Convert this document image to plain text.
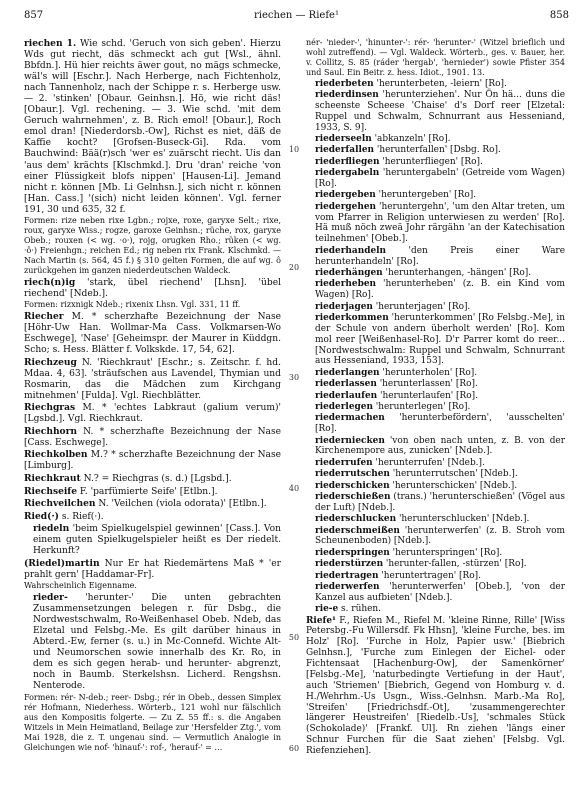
857	riechen — Riefe¹	858
10
20
30
40
50
60

riechen 1. Wie schd. 'Geruch von sich geben'. Hierzu Wds gut riecht, däs schmeckt ach gut [Wsl., ähnl. Bbfdn.]. Hü hier reichts äwer gout, no mägs schmecke, wäl's will [Eschr.]. Nach Herberge, nach Fichtenholz, nach Tannenholz, nach der Schippe r. s. Herberge usw. — 2. 'stinken' [Obaur. Geinhsn.]. Hö, wie richt däs! [Obaur.]. Vgl. rechening. — 3. Wie schd. 'mit dem Geruch wahrnehmen', z. B. Rich emol! [Obaur.], Roch emol dran! [Niederdorsb.-Ow], Richst es niet, däß de Kaffie kocht? [Grofsen-Buseck-Gi]. Rda. vom Bauchwind: Bää(r)sch 'wer es' zuärscht riecht. Uis dan 'aus dem' krächts [Klschmkd.]. Dru 'dran' reiche 'von einer Flüssigkeit blofs nippen' [Hausen-Li]. Jemand nicht r. können [Mb. Li Gelnhsn.], sich nicht r. können [Han. Cass.] '(sich) nicht leiden können'. Vgl. ferner 191, 30 und 635, 32 f.

Formen: rize neben rixe Lgbn.; rojxe, roxe, garyxe Selt.; rixe, roux, garyxe Wiss.; rogze, garoxe Geinhsn.; rüche, rox, garyxe Obeb.; rouxen (< wg. ·o·), rojg, orugken Rho.; rüken (< wg. ·ô·) Freienhgn.; reichen Ed.; rig neben rix Frank. Klschmkd. — Nach Martin (s. 564, 45 f.) § 310 gelten Formen, die auf wg. ô zurückgehen im ganzen niederdeutschen Waldeck.

riech(n)ig 'stark, übel riechend' [Lhsn]. 'übel riechend' [Ndeb.].

Formen: rizxnigk Ndeb.; rixenix Lhsn. Vgl. 331, 11 ff.

Riecher M. * scherzhafte Bezeichnung der Nase [Höhr-Uw Han. Wollmar-Ma Cass. Volkmarsen-Wo Eschwege], 'Nase' [Geheimspr. der Maurer in Küddgn. Scho; s. Hess. Blätter f. Volkskde. 17, 54, 62].

Riechzeug N. 'Riechkraut' [Eschr.; s. Zeitschr. f. hd. Mdaa. 4, 63]. 'sträufschen aus Lavendel, Thymian und Rosmarin, das die Mädchen zum Kirchgang mitnehmen' [Fulda]. Vgl. Riechblätter.

Riechgras M. * 'echtes Labkraut (galium verum)' [Lgsbd.]. Vgl. Riechkraut.

Riechhorn N. * scherzhafte Bezeichnung der Nase [Cass. Eschwege].

Riechkolben M.? * scherzhafte Bezeichnung der Nase [Limburg].

Riechkraut N.? = Riechgras (s. d.) [Lgsbd.].

Riechseife F. 'parfümierte Seife' [Etlbn.].

Riechveilchen N. 'Veilchen (viola odorata)' [Etlbn.].

Ried(·) s. Rief(·).

riedeln 'beim Spielkugelspiel gewinnen' [Cass.]. Von einem guten Spielkugelspieler heißt es Der riedelt. Herkunft?

(Riedel)martin Nur Er hat Riedemärtens Maß * 'er prahlt gern' [Haddamar-Fr].

Wahrscheinlich Eigenname.

rieder- 'herunter-' Die unten gebrachten Zusammensetzungen belegen r. für Dsbg., die Nordwestschwalm, Ro-Weißenhasel Obeb. Ndeb, das Elzetal und Felsbg.-Me. Es gilt darüber hinaus in Abterd.-Ew, ferner (s. u.) in Mc-Connefd. Wichte Alt- und Neumorschen sowie innerhalb des Kr. Ro, in dem es sich gegen herab- und herunter- abgrenzt, noch in Baumb. Sterkelshsn. Licherd. Rengshsn. Nenterode.

Formen: rér- N-deb.; reer- Dsbg.; rér in Obeb., dessen Simplex rér Hofmann, Niederhess. Wörterb., 121 wohl nur fälschlich aus den Kompositis folgerte. — Zu Z. 55 ff.: s. die Angaben Witzels in Mein Heimatland, Beilage zur 'Hersfelder Ztg.', vom Mai 1928, die z. T. ungenau sind. — Vermutlich Analogie in Gleichungen wie nof- 'hinauf-': rof-, 'herauf-' = …

nér- 'nieder-', 'hinunter-': rér- 'herunter-' (Witzel brieflich und wohl zutreffend). — Vgl. Waldeck. Wörterb., ges. v. Bauer, her. v. Collitz, S. 85 (ráder 'hergab', 'herniedеr') sowie Pfister 354 und Saul. Ein Beitr. z. hess. Idiot., 1901. 13.

riederbeten 'herunterbeten, -leiern' [Ro].

riederdinsen 'herunterziehen'. Nur Ön hä... duns die scheenste Scheese 'Chaise' d's Dorf reer [Elzetal: Ruppel und Schwalm, Schnurrant aus Hesseniand, 1933, S. 9].

riederseeln 'abkanzeln' [Ro].

riederfallen 'herunterfallen' [Dsbg. Ro].

riederfliegen 'herunterfliegen' [Ro].

riedergabeln 'heruntergabeln' (Getreide vom Wagen) [Ro].

riedergeben 'heruntergeben' [Ro].

riedergehen 'heruntergehn', 'um den Altar treten, um vom Pfarrer in Religion unterwiesen zu werden' [Ro]. Hä muß nöch zweä Johr rärgähn 'an der Katechisation teilnehmen' [Obeb.].

riederhandeln 'den Preis einer Ware herunterhandeln' [Ro].

riederhängen 'herunterhangen, -hängen' [Ro].

riederheben 'herunterheben' (z. B. ein Kind vom Wagen) [Ro].

riederjagen 'herunterjagen' [Ro].

riederkommen 'herunterkommen' [Ro Felsbg.-Me], in der Schule von andern überholt werden' [Ro]. Kom mol reer [Weißenhasel-Ro]. D'r Parrer komt do reer... [Nordwestschwalm: Ruppel und Schwalm, Schnurrant aus Hesseniand, 1933, 153].

riederlangen 'herunterholen' [Ro].

riederlassen 'herunterlassen' [Ro].

riederlaufen 'herunterlaufen' [Ro].

riederlegen 'herunterlegen' [Ro].

riedermachen 'herunterbefördern', 'ausschelten' [Ro].

riederniecken 'von oben nach unten, z. B. von der Kirchenempore aus, zunicken' [Ndeb.].

riederrufen 'herunterrufen' [Ndeb.].

riederrutschen 'herunterrutschen' [Ndeb.].

riederschicken 'herunterschicken' [Ndeb.].

riederschießen (trans.) 'herunterschießen' (Vögel aus der Luft) [Ndeb.].

riederschlucken 'herunterschlucken' [Ndeb.].

riederschmeißen 'herunterwerfen' (z. B. Stroh vom Scheunenboden) [Ndeb.].

riederspringen 'herunterspringen' [Ro].

riederstürzen 'herunter-fallen, -stürzen' [Ro].

riedertragen 'heruntertragen' [Ro].

riederwerfen 'herunterwerfen' [Obeb.], 'von der Kanzel aus aufbieten' [Ndeb.].

rie-e s. rühen.

Riefe¹ F., Riefen M., Riefel M. 'kleine Rinne, Rille' [Wiss Petersbg.-Fu Willersdf. Fk Hhsn], 'kleine Furche, bes. im Holz' [Ro]. 'Furche in Holz, Papier usw.' [Biebrich Gelnhsn.], 'Furche zum Einlegen der Eichel- oder Fichtensaat [Hachenburg-Ow], der Samenkörner' [Felsbg.-Me], 'naturbedingte Vertiefung in der Haut', auch 'Striemen' [Biebrich, Gegend von Homburg v. d. H./Wehrhm.-Us Usgn., Wiss.-Gelnhsn. Marb.-Ma Ro], 'Streifen' [Friedrichsdf.-Ot], 'zusammengerechter längerer Heustreifen' [Riedelb.-Us], 'schmales Stück (Schokolade)' [Frankf. Ul]. Rn ziehen 'längs einer Schnur Furchen für die Saat ziehen' [Felsbg. Vgl. Riefenziehen].
